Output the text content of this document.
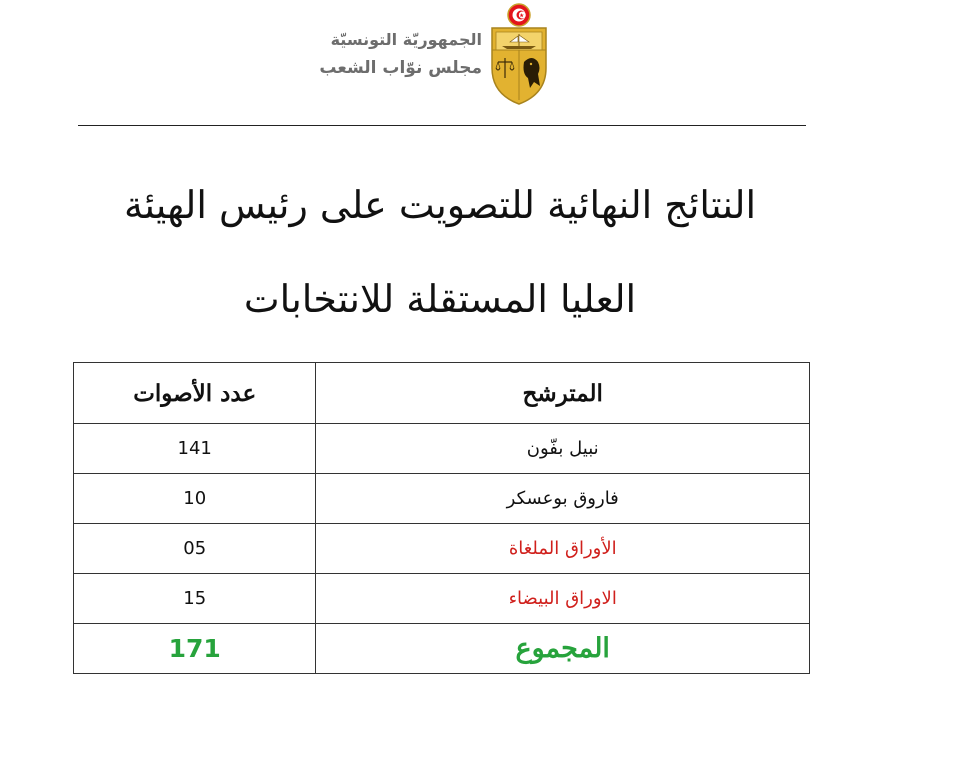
الجمهوريّة التونسيّة
مجلس نوّاب الشعب
النتائج النهائية للتصويت على رئيس الهيئة
العليا المستقلة للانتخابات
المترشح	عدد الأصوات
نبيل بفّون	141
فاروق بوعسكر	10
الأوراق الملغاة	05
الاوراق البيضاء	15
المجموع	171
